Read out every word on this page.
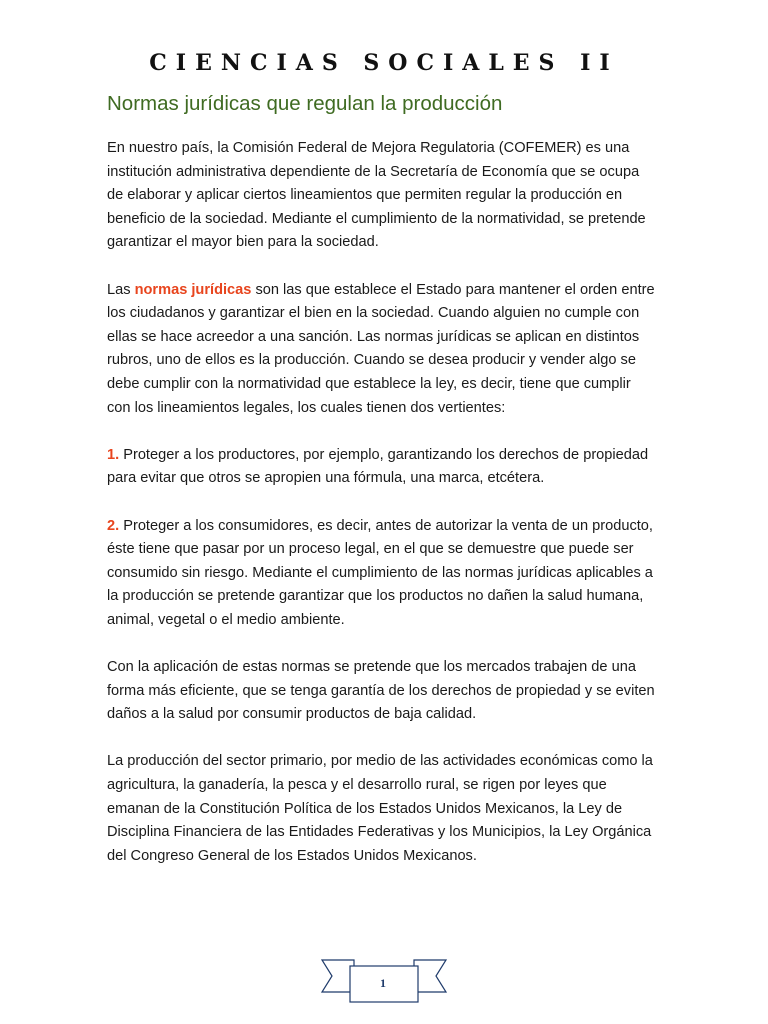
CIENCIAS SOCIALES II
Normas jurídicas que regulan la producción

En nuestro país, la Comisión Federal de Mejora Regulatoria (COFEMER) es una institución administrativa dependiente de la Secretaría de Economía que se ocupa de elaborar y aplicar ciertos lineamientos que permiten regular la producción en beneficio de la sociedad. Mediante el cumplimiento de la normatividad, se pretende garantizar el mayor bien para la sociedad.

Las normas jurídicas son las que establece el Estado para mantener el orden entre los ciudadanos y garantizar el bien en la sociedad. Cuando alguien no cumple con ellas se hace acreedor a una sanción. Las normas jurídicas se aplican en distintos rubros, uno de ellos es la producción. Cuando se desea producir y vender algo se debe cumplir con la normatividad que establece la ley, es decir, tiene que cumplir con los lineamientos legales, los cuales tienen dos vertientes:

1. Proteger a los productores, por ejemplo, garantizando los derechos de propiedad para evitar que otros se apropien una fórmula, una marca, etcétera.

2. Proteger a los consumidores, es decir, antes de autorizar la venta de un producto, éste tiene que pasar por un proceso legal, en el que se demuestre que puede ser consumido sin riesgo. Mediante el cumplimiento de las normas jurídicas aplicables a la producción se pretende garantizar que los productos no dañen la salud humana, animal, vegetal o el medio ambiente.

Con la aplicación de estas normas se pretende que los mercados trabajen de una forma más eficiente, que se tenga garantía de los derechos de propiedad y se eviten daños a la salud por consumir productos de baja calidad.

La producción del sector primario, por medio de las actividades económicas como la agricultura, la ganadería, la pesca y el desarrollo rural, se rigen por leyes que emanan de la Constitución Política de los Estados Unidos Mexicanos, la Ley de Disciplina Financiera de las Entidades Federativas y los Municipios, la Ley Orgánica del Congreso General de los Estados Unidos Mexicanos.

1
